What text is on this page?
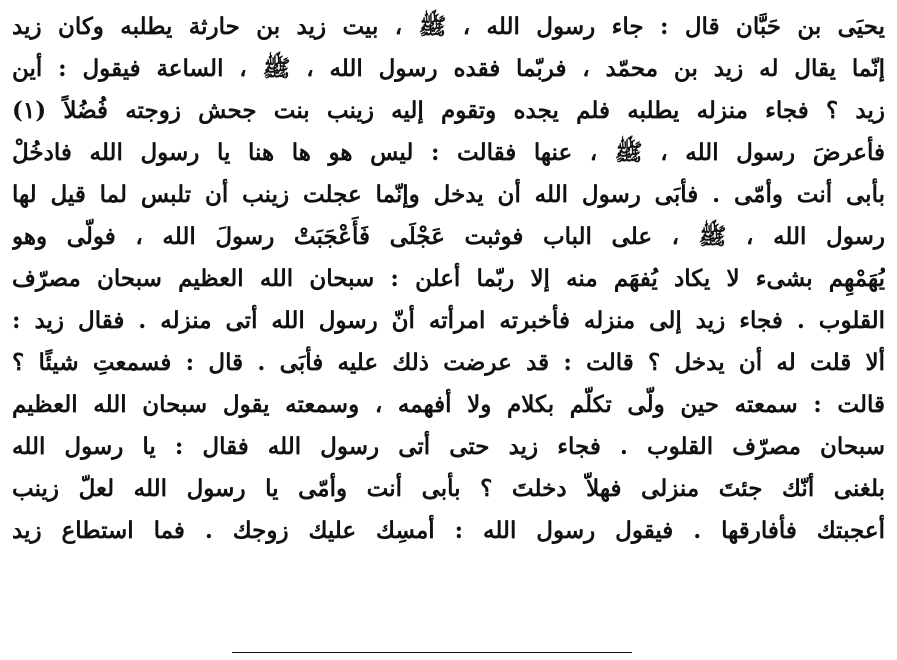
يحيَى بن حَبَّان قال : جاء رسول الله ، ﷺ ، بيت زيد بن حارثة يطلبه وكان زيد
إنّما يقال له زيد بن محمّد ، فربّما فقده رسول الله ، ﷺ ، الساعة فيقول : أين
زيد ؟ فجاء منزله يطلبه فلم يجده وتقوم إليه زينب بنت جحش زوجته فُضُلاً (١)
فأعرضَ رسول الله ، ﷺ ، عنها فقالت : ليس هو ها هنا يا رسول الله فادخُلْ
بأبى أنت وأمّى . فأبَى رسول الله أن يدخل وإنّما عجلت زينب أن تلبس لما قيل لها
رسول الله ، ﷺ ، على الباب فوثبت عَجْلَى فَأَعْجَبَتْ رسولَ الله ، فولّى وهو
يُهَمْهِم بشىء لا يكاد يُفهَم منه إلا ربّما أعلن : سبحان الله العظيم سبحان مصرّف
القلوب . فجاء زيد إلى منزله فأخبرته امرأته أنّ رسول الله أتى منزله . فقال زيد :
ألا قلت له أن يدخل ؟ قالت : قد عرضت ذلك عليه فأبَى . قال : فسمعتِ شيئًا ؟
قالت : سمعته حين ولّى تكلّم بكلام ولا أفهمه ، وسمعته يقول سبحان الله العظيم
سبحان مصرّف القلوب . فجاء زيد حتى أتى رسول الله فقال : يا رسول الله
بلغنى أنّك جئتَ منزلى فهلاّ دخلتَ ؟ بأبى أنت وأمّى يا رسول الله لعلّ زينب
أعجبتك فأفارقها . فيقول رسول الله : أمسِك عليك زوجك . فما استطاع زيد
